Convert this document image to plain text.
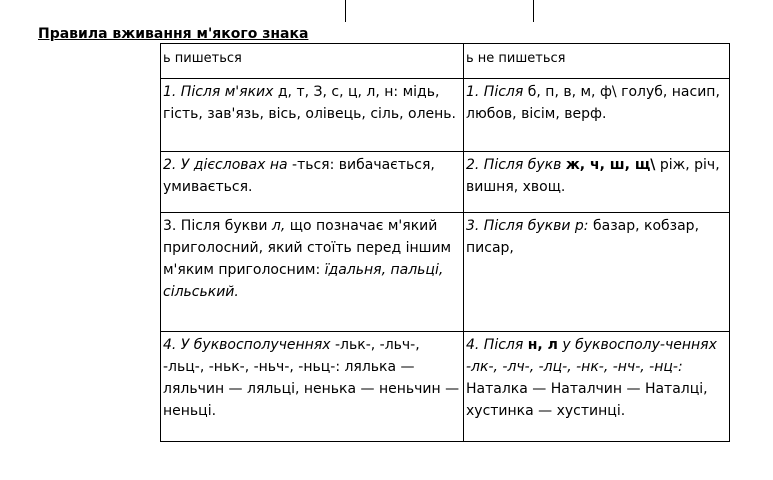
Правила вживання м'якого знака
ь пишеться	ь не пишеться
1. Після м'яких д, т, З, с, ц, л, н: мідь, гість, зав'язь, вісь, олівець, сіль, олень.	1. Після б, п, в, м, ф\ голуб, насип, любов, вісім, верф.
2. У дієсловах на -ться: вибачається, умивається.	2. Після букв ж, ч, ш, щ\ ріж, річ, вишня, хвощ.
3. Після букви л, що позначає м'який приголосний, який стоїть перед іншим м'яким приголосним: їдальня, пальці, сільський.	3. Після букви р: базар, кобзар, писар,
4. У буквосполученнях -льк-, -льч-, -льц-, -ньк-, -ньч-, -ньц-: лялька — ляльчин — ляльці, ненька — неньчин — неньці.	4. Після н, л у буквосполу-ченнях -лк-, -лч-, -лц-, -нк-, -нч-, -нц-: Наталка — Наталчин — Наталці, хустинка — хустинці.
